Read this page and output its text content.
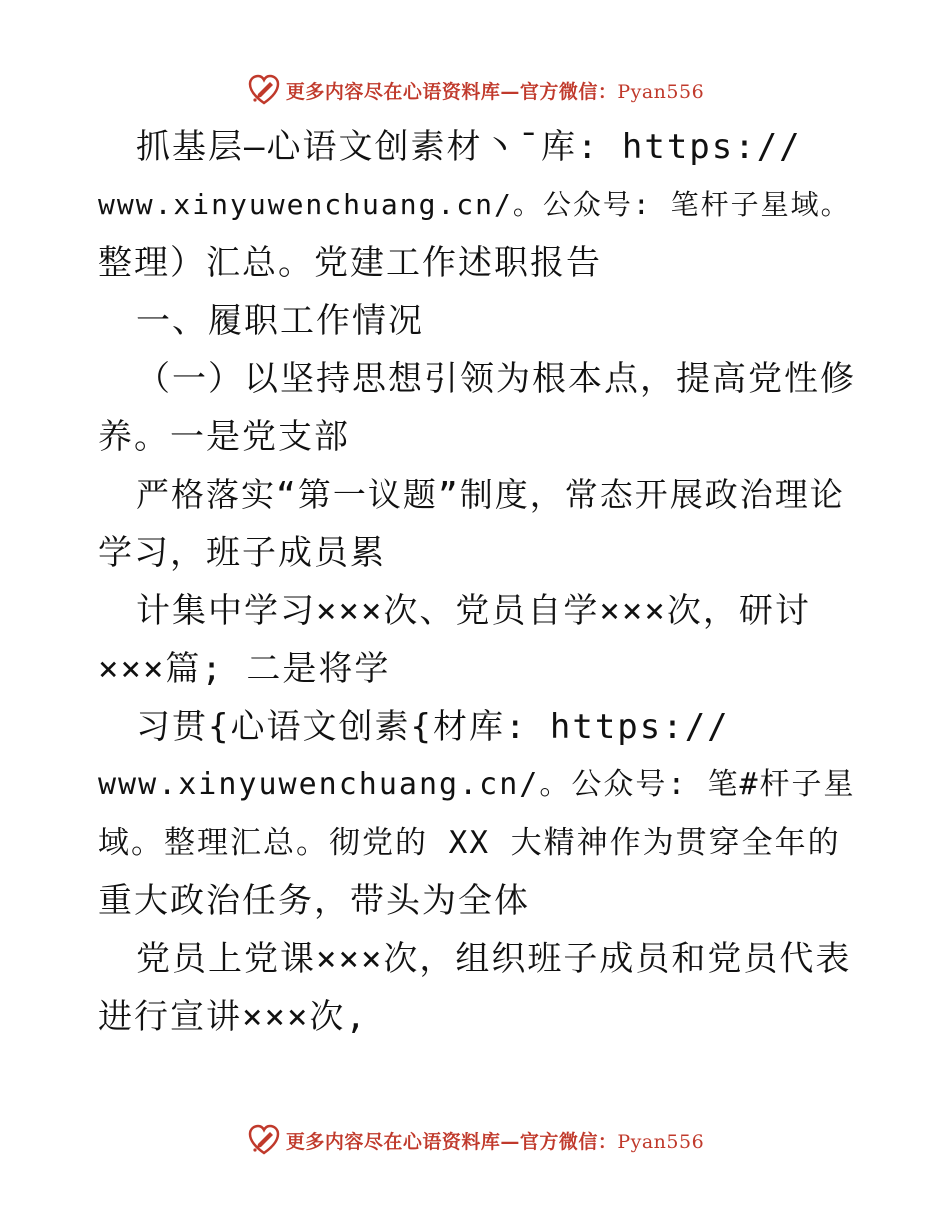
更多内容尽在心语资料库—官方微信：Pyan556
抓基层—心语文创素材丶¯库: https://
www.xinyuwenchuang.cn/。公众号: 笔杆子星域。
整理）汇总。党建工作述职报告
一、履职工作情况
（一）以坚持思想引领为根本点，提高党性修
养。一是党支部
严格落实“第一议题”制度，常态开展政治理论
学习，班子成员累
计集中学习×××次、党员自学×××次，研讨
×××篇; 二是将学
习贯{心语文创素{材库: https://
www.xinyuwenchuang.cn/。公众号: 笔#杆子星
域。整理汇总。彻党的 XX 大精神作为贯穿全年的
重大政治任务，带头为全体
党员上党课×××次，组织班子成员和党员代表
进行宣讲×××次,
更多内容尽在心语资料库—官方微信：Pyan556
